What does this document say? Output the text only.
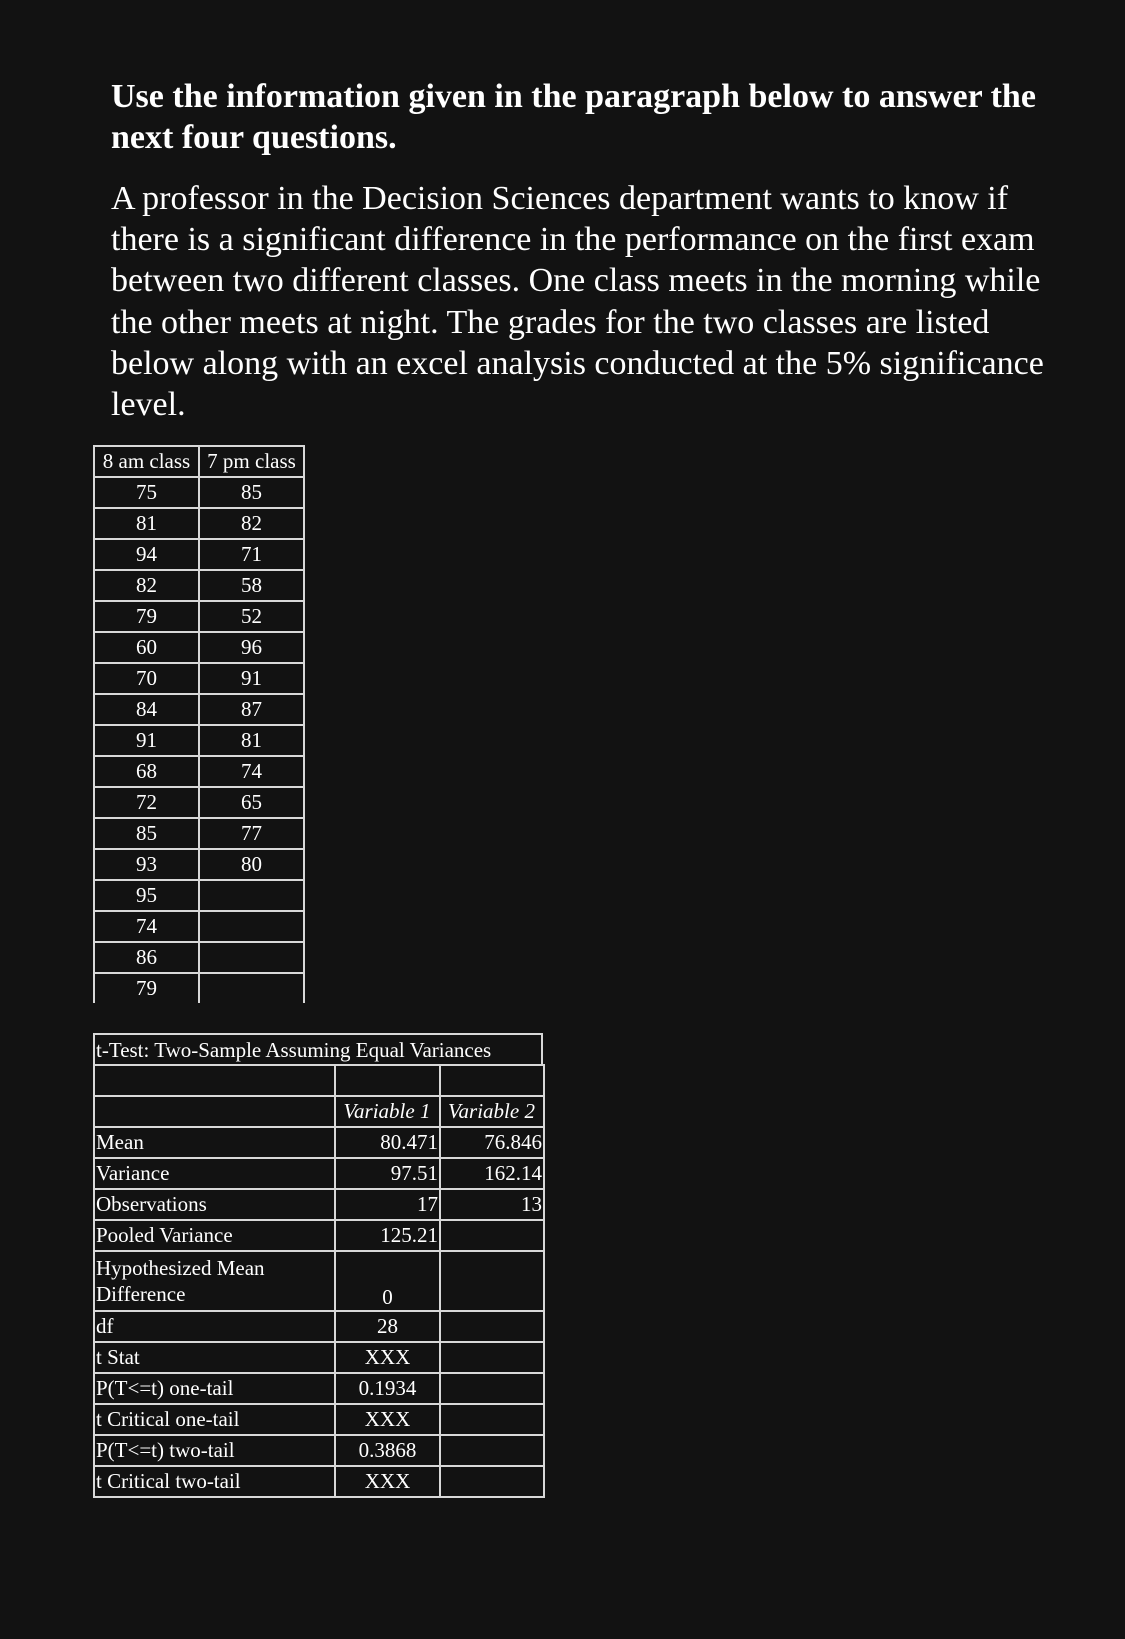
Use the information given in the paragraph below to answer the next four questions.

A professor in the Decision Sciences department wants to know if there is a significant difference in the performance on the first exam between two different classes. One class meets in the morning while the other meets at night. The grades for the two classes are listed below along with an excel analysis conducted at the 5% significance level.

8 am class	7 pm class
75	85
81	82
94	71
82	58
79	52
60	96
70	91
84	87
91	81
68	74
72	65
85	77
93	80
95	
74	
86	
79	
t-Test: Two-Sample Assuming Equal Variances

	Variable 1	Variable 2
Mean	80.471	76.846
Variance	97.51	162.14
Observations	17	13
Pooled Variance	125.21	
Hypothesized Mean Difference	0	
df	28	
t Stat	XXX	
P(T<=t) one-tail	0.1934	
t Critical one-tail	XXX	
P(T<=t) two-tail	0.3868	
t Critical two-tail	XXX	
